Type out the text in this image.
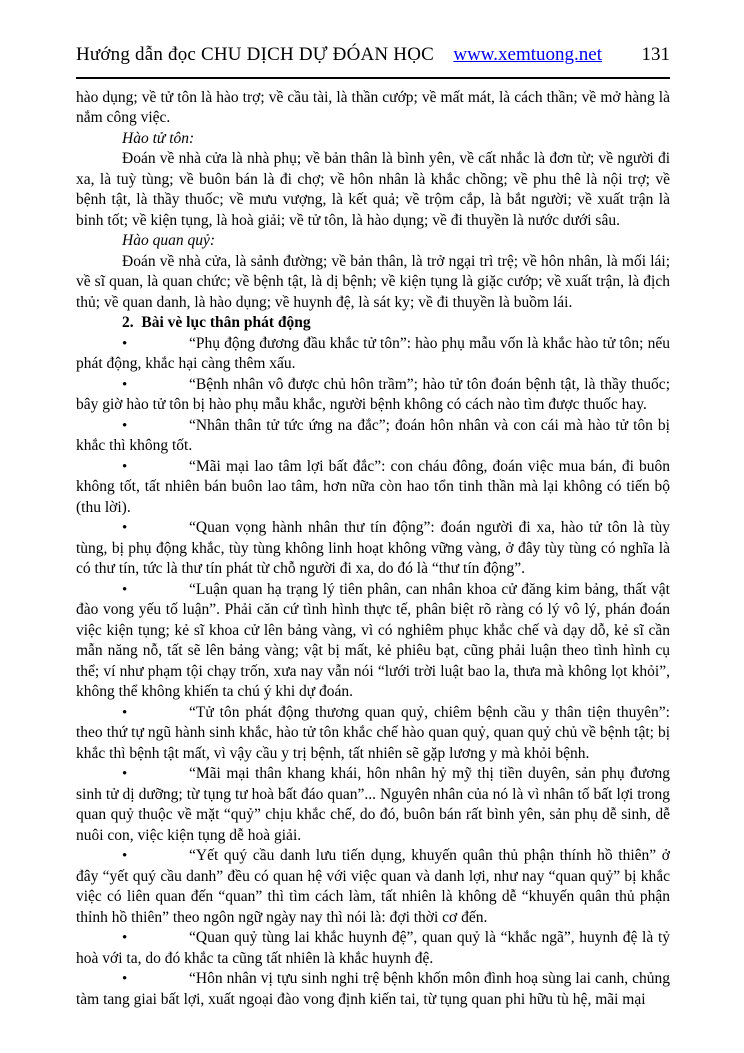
Hướng dẫn đọc CHU DỊCH DỰ ĐÓAN HỌC	www.xemtuong.net 131

hào dụng; về tử tôn là hào trợ; về cầu tài, là thần cướp; về mất mát, là cách thần; về mở hàng là nắm công việc.

Hào tử tôn:

Đoán về nhà cửa là nhà phụ; về bản thân là bình yên, về cất nhắc là đơn từ; về người đi xa, là tuỳ tùng; về buôn bán là đi chợ; về hôn nhân là khắc chồng; về phu thê là nội trợ; về bệnh tật, là thầy thuốc; về mưu vượng, là kết quả; về trộm cắp, là bắt người; về xuất trận là binh tốt; về kiện tụng, là hoà giải; về tử tôn, là hào dụng; về đi thuyền là nước dưới sâu.

Hào quan quỷ:

Đoán về nhà cửa, là sảnh đường; về bản thân, là trở ngại trì trệ; về hôn nhân, là mối lái; về sĩ quan, là quan chức; về bệnh tật, là dị bệnh; về kiện tụng là giặc cướp; về xuất trận, là địch thủ; về quan danh, là hào dụng; về huynh đệ, là sát ky; về đi thuyền là buồm lái.

2.  Bài vè lục thân phát động

•	“Phụ động đương đầu khắc tử tôn”: hào phụ mẫu vốn là khắc hào tử tôn; nếu phát động, khắc hại càng thêm xấu.

•	“Bệnh nhân vô được chủ hôn trầm”; hào tử tôn đoán bệnh tật, là thầy thuốc; bây giờ hào tử tôn bị hào phụ mẫu khắc, người bệnh không có cách nào tìm được thuốc hay.

•	“Nhân thân tử tức ứng na đắc”; đoán hôn nhân và con cái mà hào tử tôn bị khắc thì không tốt.

•	“Mãi mại lao tâm lợi bất đắc”: con cháu đông, đoán việc mua bán, đi buôn không tốt, tất nhiên bán buôn lao tâm, hơn nữa còn hao tổn tinh thần mà lại không có tiến bộ (thu lời).

•	“Quan vọng hành nhân thư tín động”: đoán người đi xa, hào tử tôn là tùy tùng, bị phụ động khắc, tùy tùng không linh hoạt không vững vàng, ở đây tùy tùng có nghĩa là có thư tín, tức là thư tín phát từ chỗ người đi xa, do đó là “thư tín động”.

•	“Luận quan hạ trạng lý tiên phân, can nhân khoa cử đăng kim bảng, thất vật đào vong yếu tố luận”. Phải căn cứ tình hình thực tế, phân biệt rõ ràng có lý vô lý, phán đoán việc kiện tụng; kẻ sĩ khoa cử lên bảng vàng, vì có nghiêm phục khắc chế và dạy dỗ, kẻ sĩ cần mẫn năng nỗ, tất sẽ lên bảng vàng; vật bị mất, kẻ phiêu bạt, cũng phải luận theo tình hình cụ thể; ví như phạm tội chạy trốn, xưa nay vẫn nói “lưới trời luật bao la, thưa mà không lọt khỏi”, không thể không khiến ta chú ý khi dự đoán.

•	“Tử tôn phát động thương quan quỷ, chiêm bệnh cầu y thân tiện thuyên”: theo thứ tự ngũ hành sinh khắc, hào tử tôn khắc chế hào quan quỷ, quan quỷ chủ về bệnh tật; bị khắc thì bệnh tật mất, vì vậy cầu y trị bệnh, tất nhiên sẽ gặp lương y mà khỏi bệnh.

•	“Mãi mại thân khang khái, hôn nhân hỷ mỹ thị tiền duyên, sản phụ đương sinh tử dị dưỡng; từ tụng tư hoà bất đáo quan”... Nguyên nhân của nó là vì nhân tố bất lợi trong quan quỷ thuộc về mặt “quỷ” chịu khắc chế, do đó, buôn bán rất bình yên, sản phụ dễ sinh, dễ nuôi con, việc kiện tụng dễ hoà giải.

•	“Yết quý cầu danh lưu tiến dụng, khuyến quân thủ phận thính hồ thiên” ở đây “yết quý cầu danh” đều có quan hệ với việc quan và danh lợi, như nay “quan quỷ” bị khắc việc có liên quan đến “quan” thì tìm cách làm, tất nhiên là không dễ “khuyến quân thủ phận thỉnh hồ thiên” theo ngôn ngữ ngày nay thì nói là: đợi thời cơ đến.

•	“Quan quỷ tùng lai khắc huynh đệ”, quan quỷ là “khắc ngã”, huynh đệ là tỷ hoà với ta, do đó khắc ta cũng tất nhiên là khắc huynh đệ.

•	“Hôn nhân vị tựu sinh nghi trệ bệnh khốn môn đình hoạ sùng lai canh, chủng tàm tang giai bất lợi, xuất ngoại đào vong định kiến tai, từ tụng quan phi hữu tù hệ, mãi mại
